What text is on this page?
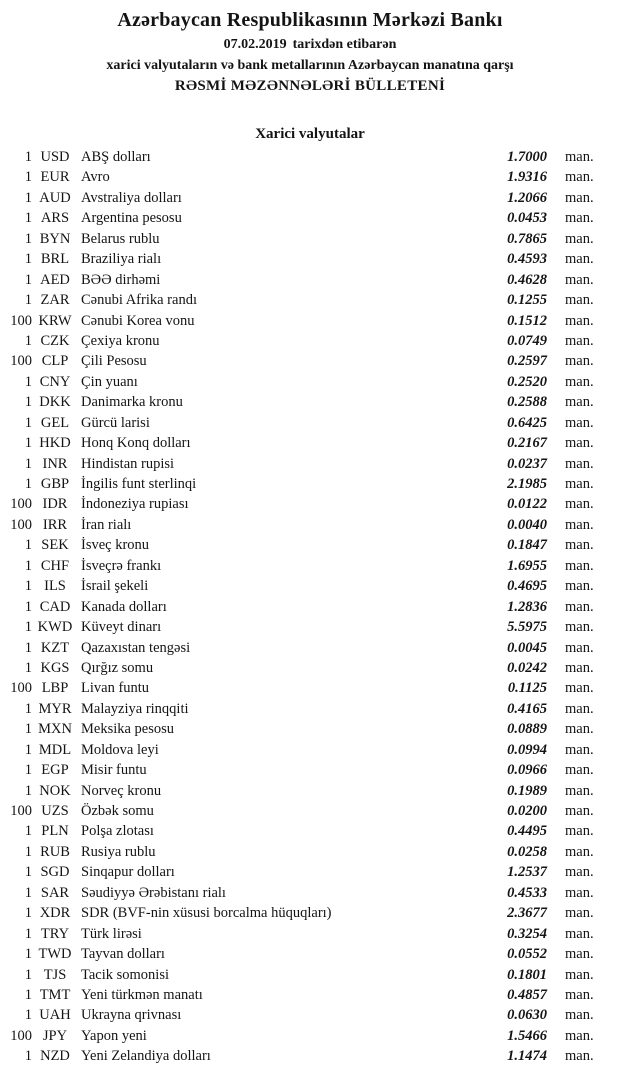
Azərbaycan Respublikasının Mərkəzi Bankı
07.02.2019 tarixdən etibarən
xarici valyutaların və bank metallarının Azərbaycan manatına qarşı
RƏSMİ MƏZƏNNƏLƏRİ BÜLLETENİ
Xarici valyutalar
1 USD ABŞ dolları	1.7000 man.
1 EUR Avro	1.9316 man.
1 AUD Avstraliya dolları	1.2066 man.
1 ARS Argentina pesosu	0.0453 man.
1 BYN Belarus rublu	0.7865 man.
1 BRL Braziliya rialı	0.4593 man.
1 AED BƏƏ dirhəmi	0.4628 man.
1 ZAR Cənubi Afrika randı	0.1255 man.
100 KRW Cənubi Korea vonu	0.1512 man.
1 CZK Çexiya kronu	0.0749 man.
100 CLP Çili Pesosu	0.2597 man.
1 CNY Çin yuanı	0.2520 man.
1 DKK Danimarka kronu	0.2588 man.
1 GEL Gürcü larisi	0.6425 man.
1 HKD Honq Konq dolları	0.2167 man.
1 INR Hindistan rupisi	0.0237 man.
1 GBP İngilis funt sterlinqi	2.1985 man.
100 IDR İndoneziya rupiası	0.0122 man.
100 IRR İran rialı	0.0040 man.
1 SEK İsveç kronu	0.1847 man.
1 CHF İsveçrə frankı	1.6955 man.
1 ILS	İsrail şekeli	0.4695 man.
1 CAD Kanada dolları	1.2836 man.
1 KWD Küveyt dinarı	5.5975 man.
1 KZT Qazaxıstan tengəsi	0.0045 man.
1 KGS Qırğız somu	0.0242 man.
100 LBP Livan funtu	0.1125 man.
1 MYR Malayziya rinqqiti	0.4165 man.
1 MXN Meksika pesosu	0.0889 man.
1 MDL Moldova leyi	0.0994 man.
1 EGP Misir funtu	0.0966 man.
1 NOK Norveç kronu	0.1989 man.
100 UZS Özbək somu	0.0200 man.
1 PLN Polşa zlotası	0.4495 man.
1 RUB Rusiya rublu	0.0258 man.
1 SGD Sinqapur dolları	1.2537 man.
1 SAR Səudiyyə Ərəbistanı rialı	0.4533 man.
1 XDR SDR (BVF-nin xüsusi borcalma hüquqları)	2.3677 man.
1 TRY Türk lirəsi	0.3254 man.
1 TWD Tayvan dolları	0.0552 man.
1 TJS	Tacik somonisi	0.1801 man.
1 TMT Yeni türkmən manatı	0.4857 man.
1 UAH Ukrayna qrivnası	0.0630 man.
100 JPY Yapon yeni	1.5466 man.
1 NZD Yeni Zelandiya dolları	1.1474 man.
